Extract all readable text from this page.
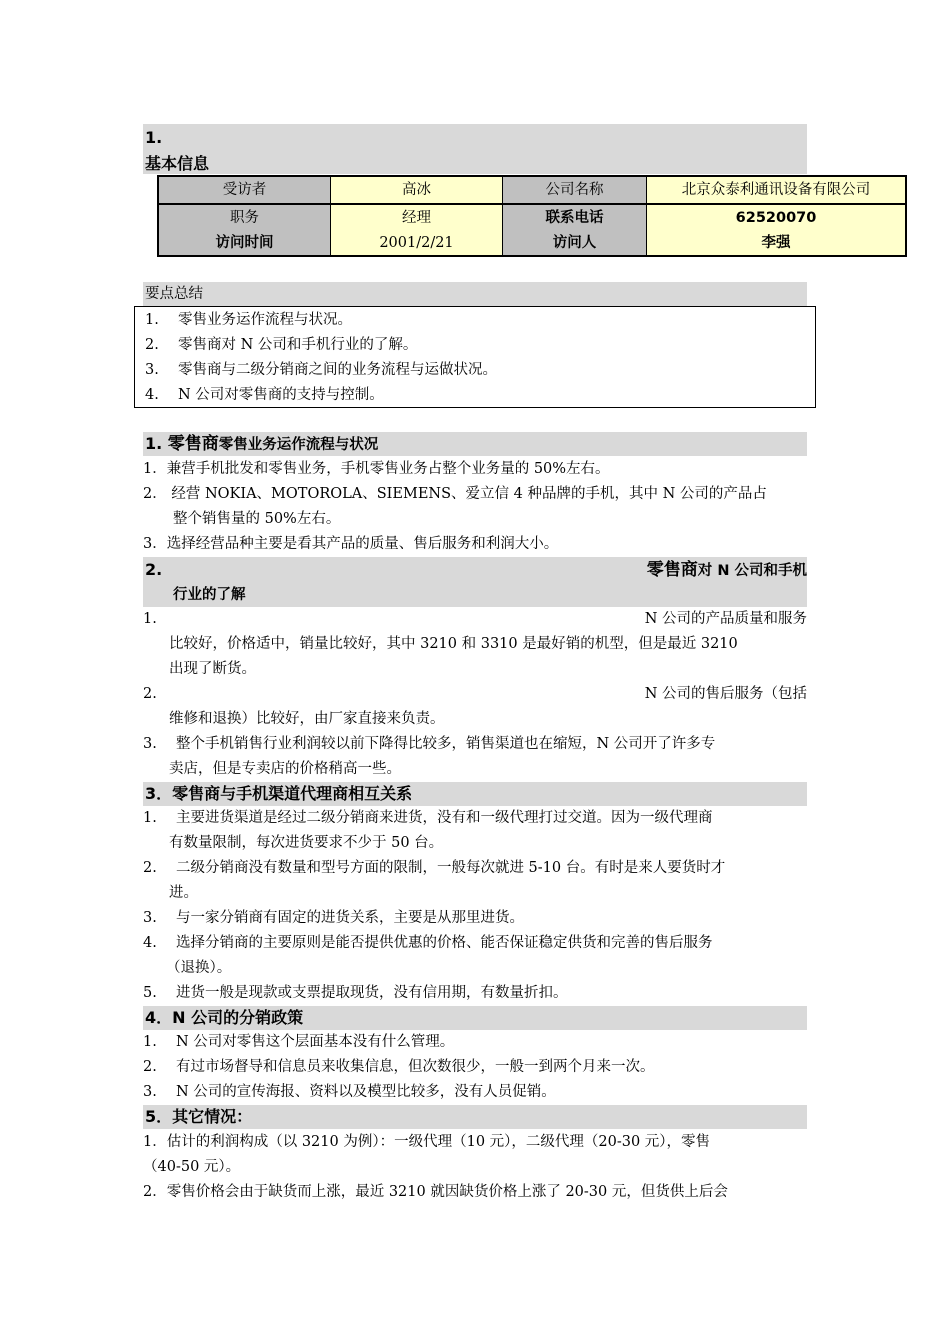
1.
基本信息
受访者	高冰	公司名称	北京众泰利通讯设备有限公司
职务	经理	联系电话	62520070
访问时间	2001/2/21	访问人	李强
要点总结
1. 零售业务运作流程与状况。
2. 零售商对 N 公司和手机行业的了解。
3. 零售商与二级分销商之间的业务流程与运做状况。
4. N 公司对零售商的支持与控制。
1. 零售商零售业务运作流程与状况
1．兼营手机批发和零售业务，手机零售业务占整个业务量的 50%左右。
2． 经营 NOKIA、MOTOROLA、SIEMENS、爱立信 4 种品牌的手机，其中 N 公司的产品占
整个销售量的 50%左右。
3．选择经营品种主要是看其产品的质量、售后服务和利润大小。
2.	零售商对 N 公司和手机
行业的了解
1.	N 公司的产品质量和服务
比较好，价格适中，销量比较好，其中 3210 和 3310 是最好销的机型，但是最近 3210
出现了断货。
2.	N 公司的售后服务（包括
维修和退换）比较好，由厂家直接来负责。
3.　 整个手机销售行业利润较以前下降得比较多，销售渠道也在缩短，N 公司开了许多专
卖店，但是专卖店的价格稍高一些。
3．零售商与手机渠道代理商相互关系
1.　 主要进货渠道是经过二级分销商来进货，没有和一级代理打过交道。因为一级代理商
有数量限制，每次进货要求不少于 50 台。
2.　 二级分销商没有数量和型号方面的限制，一般每次就进 5-10 台。有时是来人要货时才
进。
3.　 与一家分销商有固定的进货关系，主要是从那里进货。
4.　 选择分销商的主要原则是能否提供优惠的价格、能否保证稳定供货和完善的售后服务
（退换）。
5.　 进货一般是现款或支票提取现货，没有信用期，有数量折扣。
4．N 公司的分销政策
1.　 N 公司对零售这个层面基本没有什么管理。
2.　 有过市场督导和信息员来收集信息，但次数很少，一般一到两个月来一次。
3.　 N 公司的宣传海报、资料以及模型比较多，没有人员促销。
5．其它情况：
1．估计的利润构成（以 3210 为例）：一级代理（10 元），二级代理（20-30 元），零售
（40-50 元）。
2．零售价格会由于缺货而上涨，最近 3210 就因缺货价格上涨了 20-30 元，但货供上后会
